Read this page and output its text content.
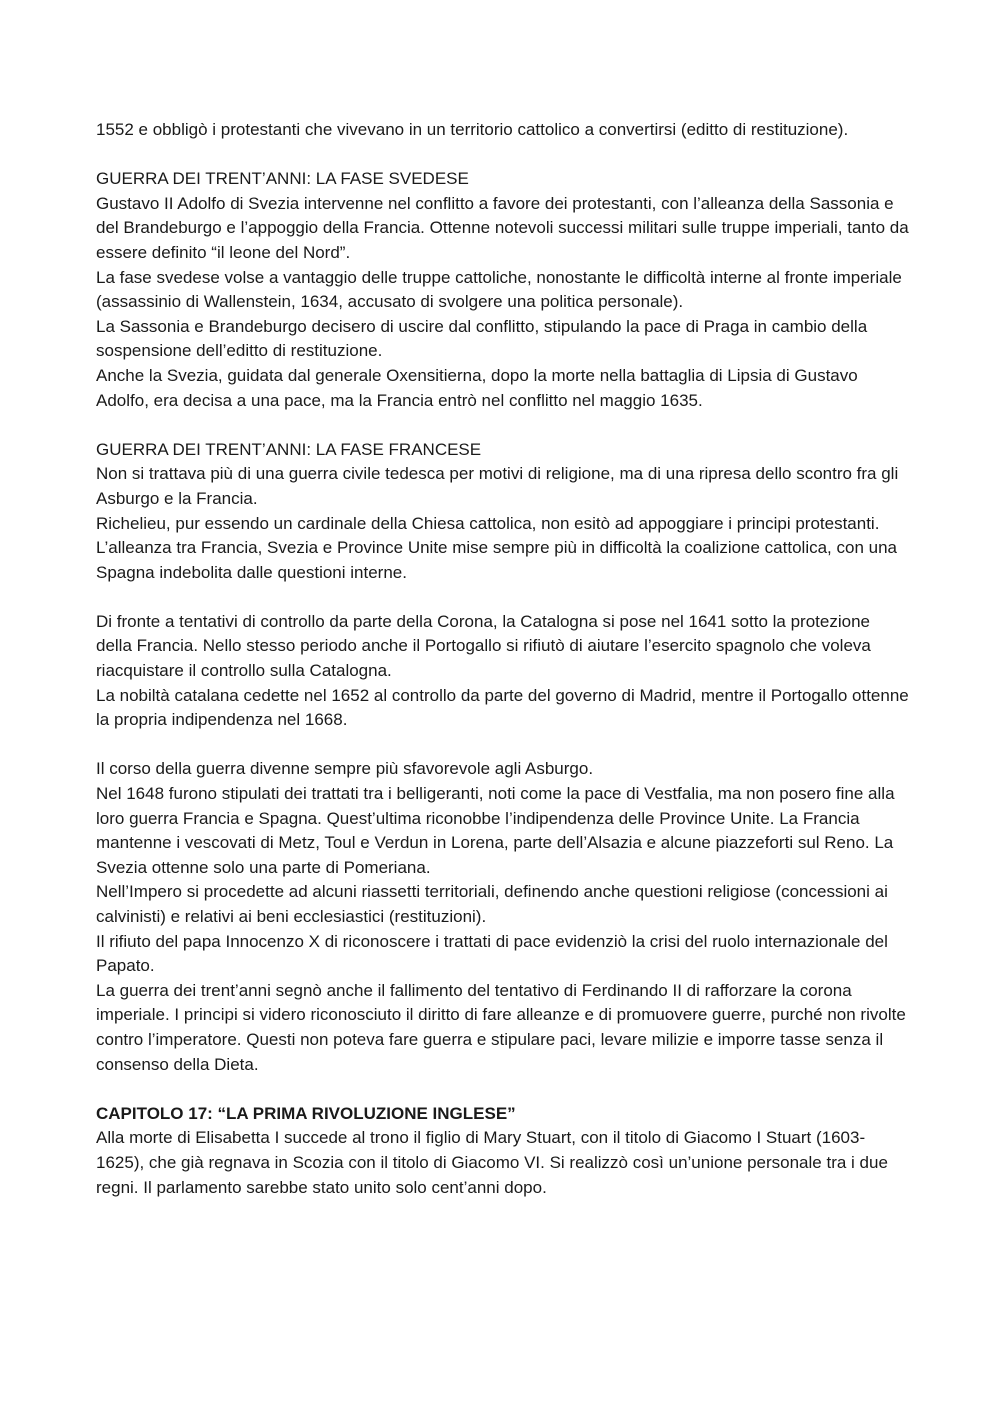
1552 e obbligò i protestanti che vivevano in un territorio cattolico a convertirsi (editto di restituzione).

GUERRA DEI TRENT’ANNI: LA FASE SVEDESE

Gustavo II Adolfo di Svezia intervenne nel conflitto a favore dei protestanti, con l’alleanza della Sassonia e del Brandeburgo e l’appoggio della Francia. Ottenne notevoli successi militari sulle truppe imperiali, tanto da essere definito “il leone del Nord”.

La fase svedese volse a vantaggio delle truppe cattoliche, nonostante le difficoltà interne al fronte imperiale (assassinio di Wallenstein, 1634, accusato di svolgere una politica personale).

La Sassonia e Brandeburgo decisero di uscire dal conflitto, stipulando la pace di Praga in cambio della sospensione dell’editto di restituzione.

Anche la Svezia, guidata dal generale Oxensitierna, dopo la morte nella battaglia di Lipsia di Gustavo Adolfo, era decisa a una pace, ma la Francia entrò nel conflitto nel maggio 1635.

GUERRA DEI TRENT’ANNI: LA FASE FRANCESE

Non si trattava più di una guerra civile tedesca per motivi di religione, ma di una ripresa dello scontro fra gli Asburgo e la Francia.

Richelieu, pur essendo un cardinale della Chiesa cattolica, non esitò ad appoggiare i principi protestanti.

L’alleanza tra Francia, Svezia e Province Unite mise sempre più in difficoltà la coalizione cattolica, con una Spagna indebolita dalle questioni interne.

Di fronte a tentativi di controllo da parte della Corona, la Catalogna si pose nel 1641 sotto la protezione della Francia. Nello stesso periodo anche il Portogallo si rifiutò di aiutare l’esercito spagnolo che voleva riacquistare il controllo sulla Catalogna.

La nobiltà catalana cedette nel 1652 al controllo da parte del governo di Madrid, mentre il Portogallo ottenne la propria indipendenza nel 1668.

Il corso della guerra divenne sempre più sfavorevole agli Asburgo.

Nel 1648 furono stipulati dei trattati tra i belligeranti, noti come la pace di Vestfalia, ma non posero fine alla loro guerra Francia e Spagna. Quest’ultima riconobbe l’indipendenza delle Province Unite. La Francia mantenne i vescovati di Metz, Toul e Verdun in Lorena, parte dell’Alsazia e alcune piazzeforti sul Reno. La Svezia ottenne solo una parte di Pomeriana.

Nell’Impero si procedette ad alcuni riassetti territoriali, definendo anche questioni religiose (concessioni ai calvinisti) e relativi ai beni ecclesiastici (restituzioni).

Il rifiuto del papa Innocenzo X di riconoscere i trattati di pace evidenziò la crisi del ruolo internazionale del Papato.

La guerra dei trent’anni segnò anche il fallimento del tentativo di Ferdinando II di rafforzare la corona imperiale. I principi si videro riconosciuto il diritto di fare alleanze e di promuovere guerre, purché non rivolte contro l’imperatore. Questi non poteva fare guerra e stipulare paci, levare milizie e imporre tasse senza il consenso della Dieta.

CAPITOLO 17: “LA PRIMA RIVOLUZIONE INGLESE”

Alla morte di Elisabetta I succede al trono il figlio di Mary Stuart, con il titolo di Giacomo I Stuart (1603-1625), che già regnava in Scozia con il titolo di Giacomo VI. Si realizzò così un’unione personale tra i due regni. Il parlamento sarebbe stato unito solo cent’anni dopo.
